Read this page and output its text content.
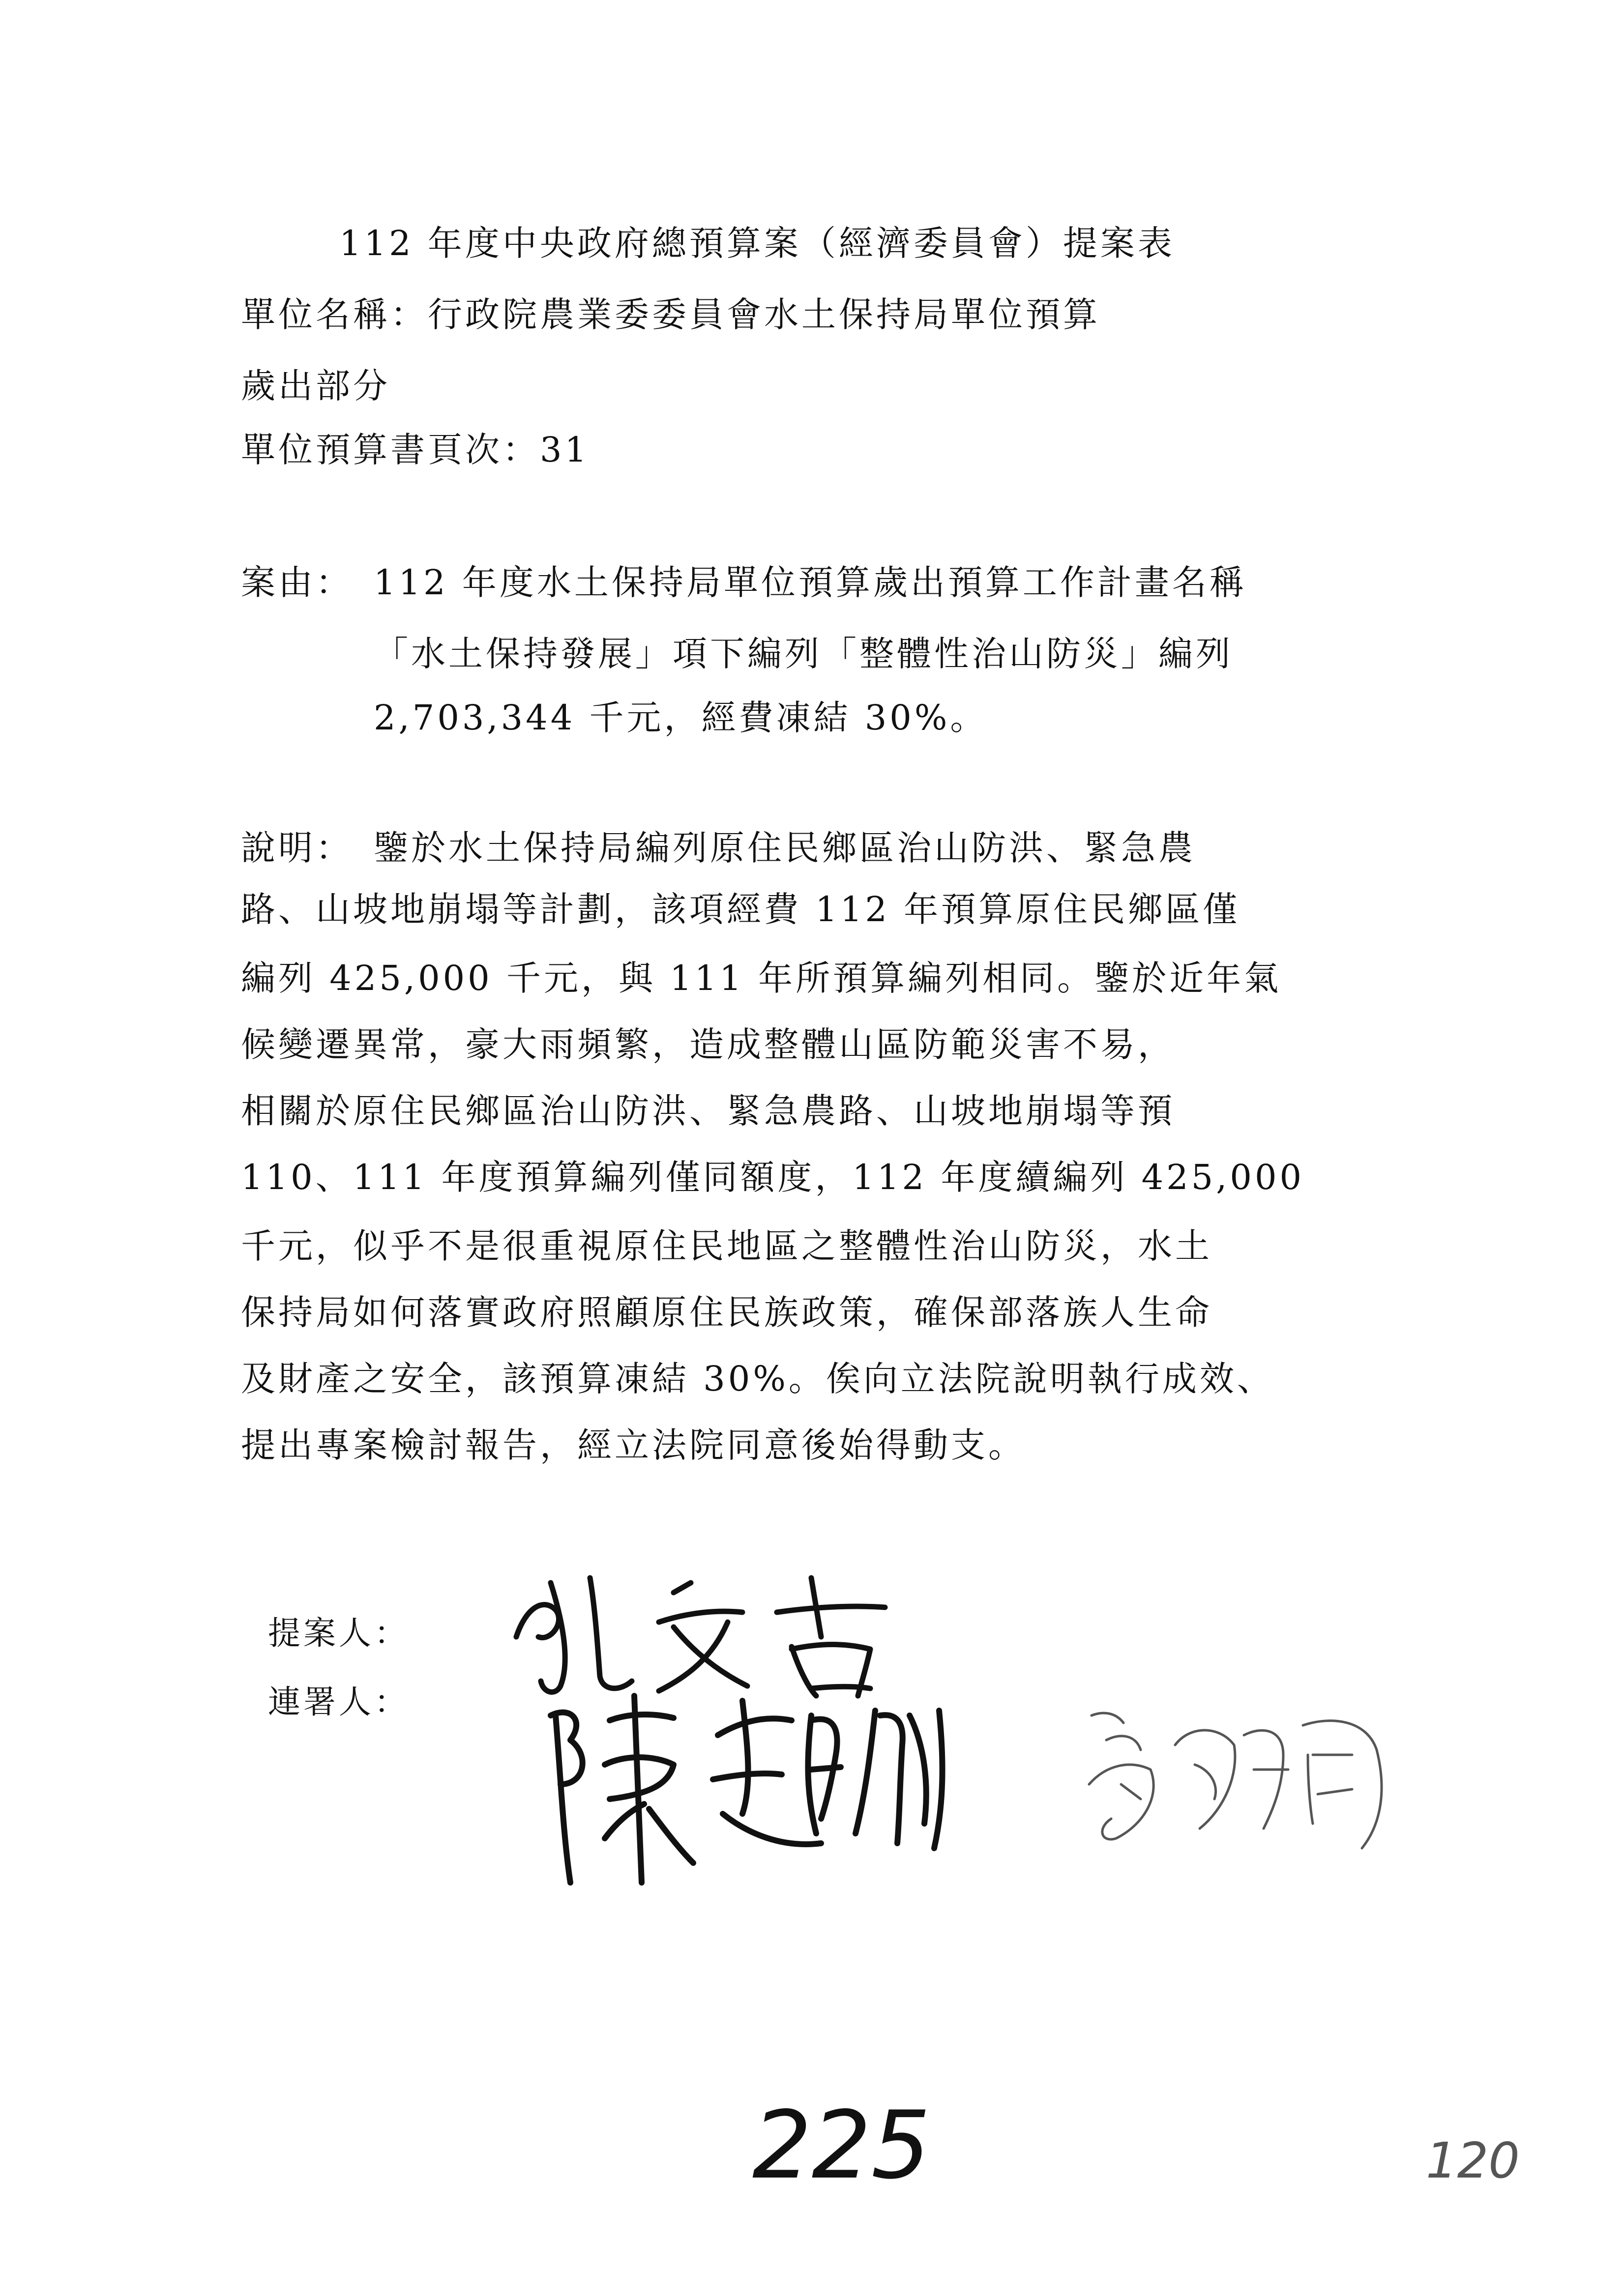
112 年度中央政府總預算案（經濟委員會）提案表
單位名稱：行政院農業委委員會水土保持局單位預算
歲出部分
單位預算書頁次：31
案由： 112 年度水土保持局單位預算歲出預算工作計畫名稱
「水土保持發展」項下編列「整體性治山防災」編列
2,703,344 千元，經費凍結 30%。
說明： 鑒於水土保持局編列原住民鄉區治山防洪、緊急農
路、山坡地崩塌等計劃，該項經費 112 年預算原住民鄉區僅
編列 425,000 千元，與 111 年所預算編列相同。鑒於近年氣
候變遷異常，豪大雨頻繁，造成整體山區防範災害不易，
相關於原住民鄉區治山防洪、緊急農路、山坡地崩塌等預
110、111 年度預算編列僅同額度，112 年度續編列 425,000
千元，似乎不是很重視原住民地區之整體性治山防災，水土
保持局如何落實政府照顧原住民族政策，確保部落族人生命
及財產之安全，該預算凍結 30%。俟向立法院說明執行成效、
提出專案檢討報告，經立法院同意後始得動支。
提案人：
連署人：
225	120
